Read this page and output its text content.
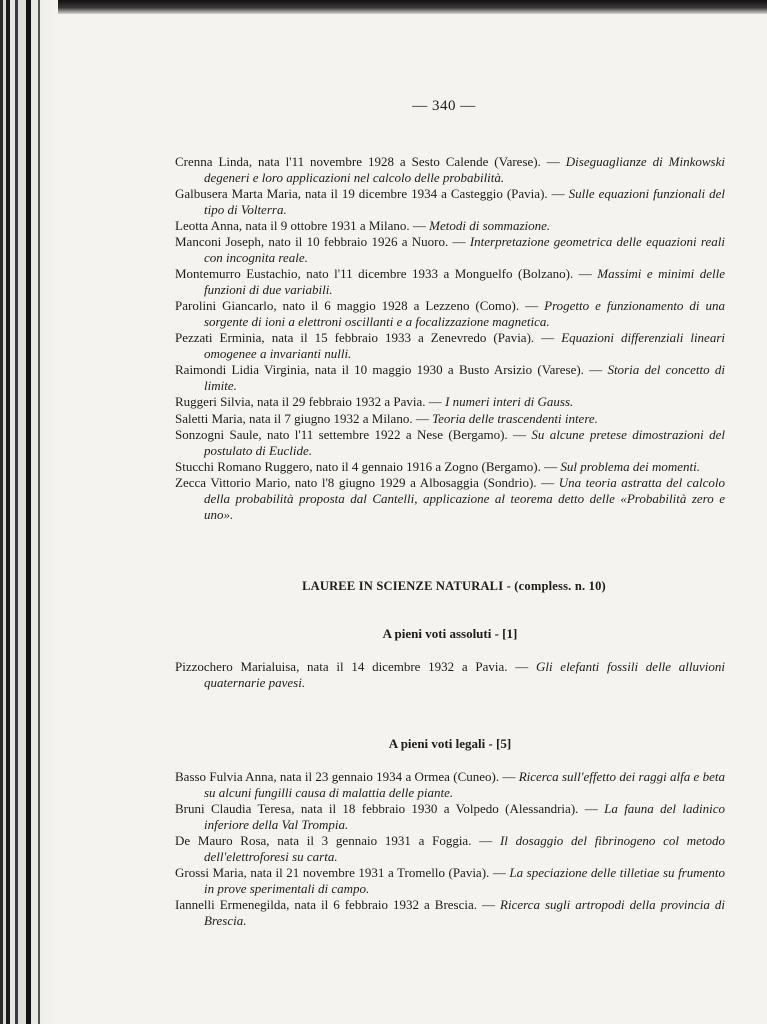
— 340 —

Crenna Linda, nata l'11 novembre 1928 a Sesto Calende (Varese). — Diseguaglianze di Minkowski degeneri e loro applicazioni nel calcolo delle probabilità.

Galbusera Marta Maria, nata il 19 dicembre 1934 a Casteggio (Pavia). — Sulle equazioni funzionali del tipo di Volterra.

Leotta Anna, nata il 9 ottobre 1931 a Milano. — Metodi di sommazione.

Manconi Joseph, nato il 10 febbraio 1926 a Nuoro. — Interpretazione geometrica delle equazioni reali con incognita reale.

Montemurro Eustachio, nato l'11 dicembre 1933 a Monguelfo (Bolzano). — Massimi e minimi delle funzioni di due variabili.

Parolini Giancarlo, nato il 6 maggio 1928 a Lezzeno (Como). — Progetto e funzionamento di una sorgente di ioni a elettroni oscillanti e a focalizzazione magnetica.

Pezzati Erminia, nata il 15 febbraio 1933 a Zenevredo (Pavia). — Equazioni differenziali lineari omogenee a invarianti nulli.

Raimondi Lidia Virginia, nata il 10 maggio 1930 a Busto Arsizio (Varese). — Storia del concetto di limite.

Ruggeri Silvia, nata il 29 febbraio 1932 a Pavia. — I numeri interi di Gauss.

Saletti Maria, nata il 7 giugno 1932 a Milano. — Teoria delle trascendenti intere.

Sonzogni Saule, nato l'11 settembre 1922 a Nese (Bergamo). — Su alcune pretese dimostrazioni del postulato di Euclide.

Stucchi Romano Ruggero, nato il 4 gennaio 1916 a Zogno (Bergamo). — Sul problema dei momenti.

Zecca Vittorio Mario, nato l'8 giugno 1929 a Albosaggia (Sondrio). — Una teoria astratta del calcolo della probabilità proposta dal Cantelli, applicazione al teorema detto delle «Probabilità zero e uno».

LAUREE IN SCIENZE NATURALI - (compless. n. 10)
A pieni voti assoluti - [1]

Pizzochero Marialuisa, nata il 14 dicembre 1932 a Pavia. — Gli elefanti fossili delle alluvioni quaternarie pavesi.

A pieni voti legali - [5]

Basso Fulvia Anna, nata il 23 gennaio 1934 a Ormea (Cuneo). — Ricerca sull'effetto dei raggi alfa e beta su alcuni fungilli causa di malattia delle piante.

Bruni Claudia Teresa, nata il 18 febbraio 1930 a Volpedo (Alessandria). — La fauna del ladinico inferiore della Val Trompia.

De Mauro Rosa, nata il 3 gennaio 1931 a Foggia. — Il dosaggio del fibrinogeno col metodo dell'elettroforesi su carta.

Grossi Maria, nata il 21 novembre 1931 a Tromello (Pavia). — La speciazione delle tilletiae su frumento in prove sperimentali di campo.

Iannelli Ermenegilda, nata il 6 febbraio 1932 a Brescia. — Ricerca sugli artropodi della provincia di Brescia.
